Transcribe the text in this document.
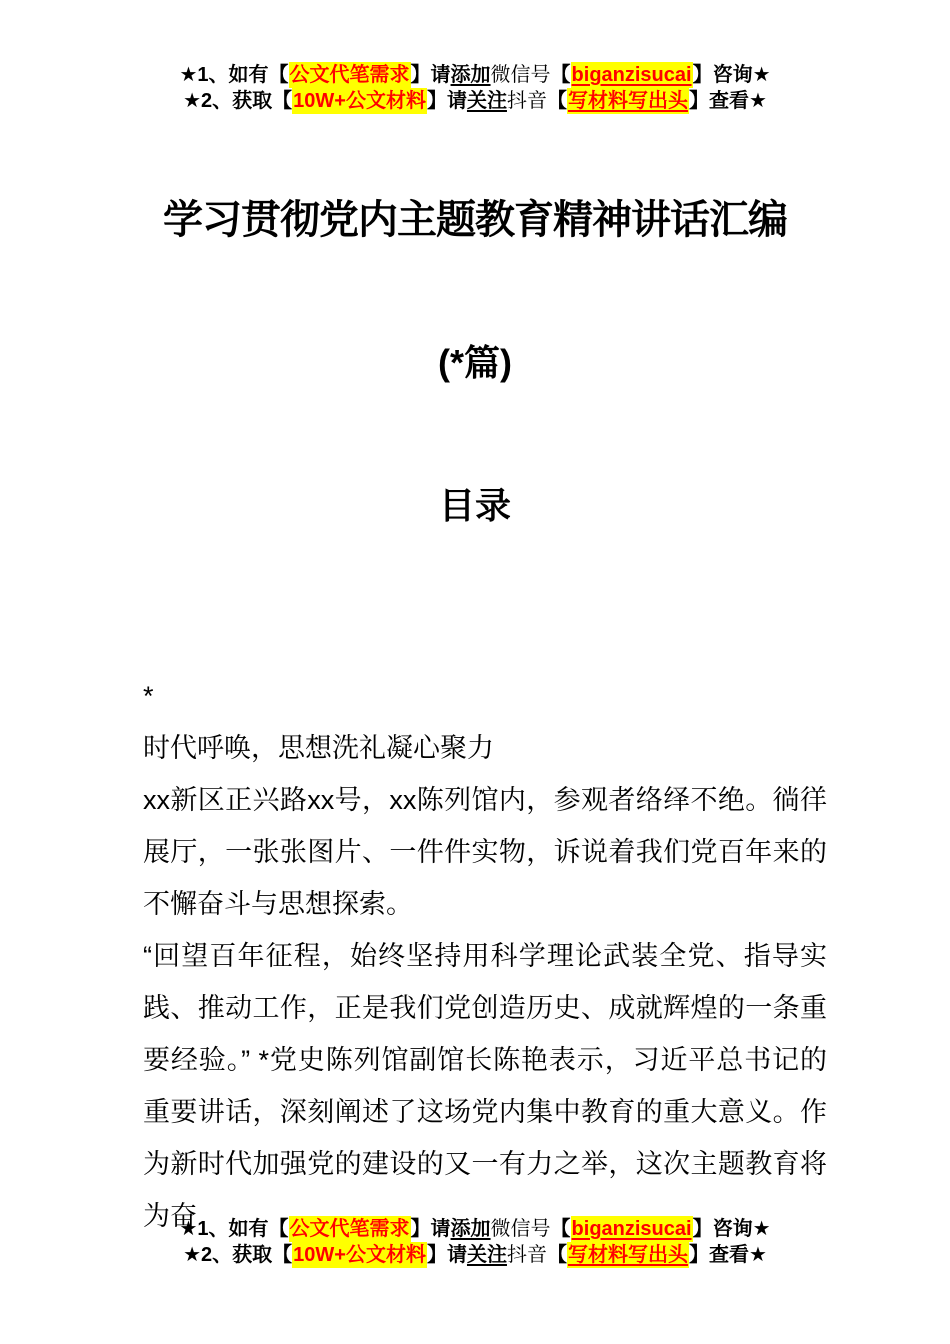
★1、如有【公文代笔需求】请添加微信号【biganzisucai】咨询★
★2、获取【10W+公文材料】请关注抖音【写材料写出头】查看★
学习贯彻党内主题教育精神讲话汇编
(*篇)
目录

*

时代呼唤，思想洗礼凝心聚力

xx新区正兴路xx号，xx陈列馆内，参观者络绎不绝。徜徉展厅，一张张图片、一件件实物，诉说着我们党百年来的不懈奋斗与思想探索。

“回望百年征程，始终坚持用科学理论武装全党、指导实践、推动工作，正是我们党创造历史、成就辉煌的一条重要经验。” *党史陈列馆副馆长陈艳表示，习近平总书记的重要讲话，深刻阐述了这场党内集中教育的重大意义。作为新时代加强党的建设的又一有力之举，这次主题教育将为奋

★1、如有【公文代笔需求】请添加微信号【biganzisucai】咨询★
★2、获取【10W+公文材料】请关注抖音【写材料写出头】查看★
